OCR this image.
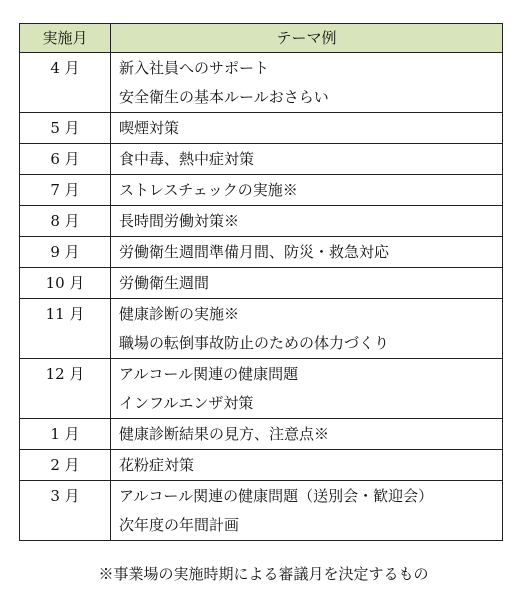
実施月	テーマ例
4 月	新入社員へのサポート
安全衛生の基本ルールおさらい

5 月	喫煙対策

6 月	食中毒、熱中症対策

7 月	ストレスチェックの実施※

8 月	長時間労働対策※

9 月	労働衛生週間準備月間、防災・救急対応

10 月	労働衛生週間

11 月	健康診断の実施※
職場の転倒事故防止のための体力づくり

12 月	アルコール関連の健康問題
インフルエンザ対策

1 月	健康診断結果の見方、注意点※

2 月	花粉症対策

3 月	アルコール関連の健康問題（送別会・歓迎会）
次年度の年間計画
※事業場の実施時期による審議月を決定するもの
